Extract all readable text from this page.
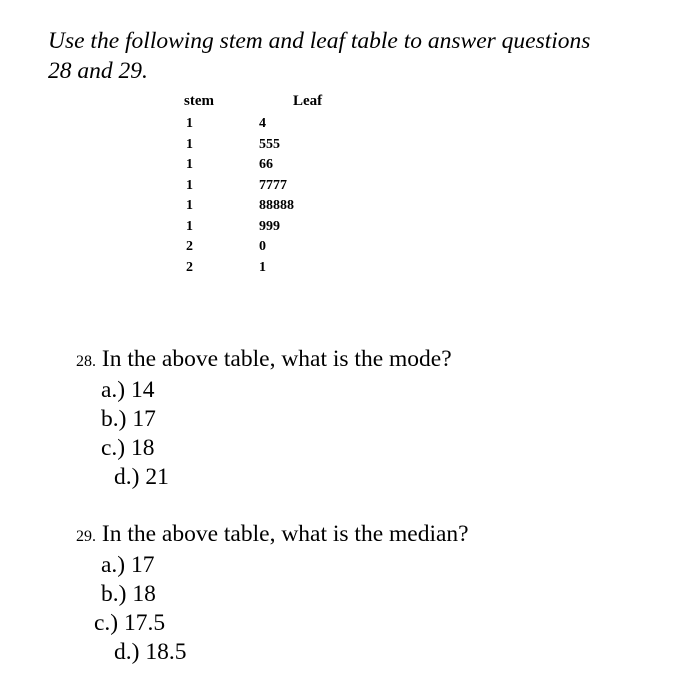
Use the following stem and leaf table to answer questions
28 and 29.

stem	Leaf
1	4
1	555
1	66
1	7777
1	88888
1	999
2	0
2	1
28. In the above table, what is the mode?
a.) 14
b.) 17
c.) 18
d.) 21
29. In the above table, what is the median?
a.) 17
b.) 18
c.) 17.5
d.) 18.5
